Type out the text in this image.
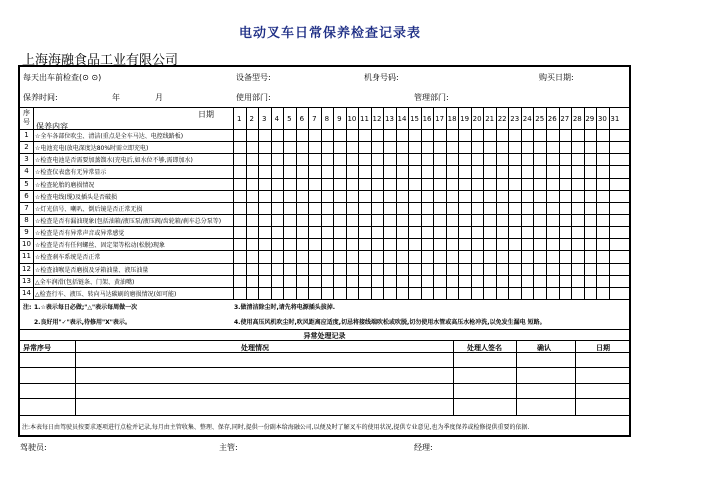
电动叉车日常保养检查记录表
上海海融食品工业有限公司
每天出车前检查(⊙ ⊙)	设备型号:	机身号码:	购买日期:
保养时间:	年	月	使用部门:	管理部门:
序号
日期
保养内容
1	2	3	4	5	6	7	8	9 10 11 12 13 14 15 16 17 18 19 20 21 22 23 24 25 26 27 28 29 30 31
1	☆全车各部位吹尘、清洁(重点是全车马达、电控线路板)
2	☆电池充电(放电深度达80%时需立即充电)
3	☆检查电池是否需要加蒸馏水(充电后,如水位不够,需即加水)
4	☆检查仪表盘有无异常显示
5	☆检查轮胎的磨损情况
6	☆检查电线(缆)及插头是否破损
7	☆灯光信号、喇叭、倒后镜是否正常无损
8	☆检查是否有漏油现象(包括油箱/液压泵/液压阀/齿轮箱/刹车总分泵等)
9	☆检查是否有异常声音或异常感觉
10 ☆检查是否有任何螺丝、固定架等松动(松脱)现象
11 ☆检查刹车系统是否正常
12 ☆检查油喉是否磨损及牙箱油量、液压油量
13 △全车润滑(包括链条、门架、黄油嘴)
14 △检查行车、液压、转向马达碳刷的磨损情况(如可能)
注: 1.☆表示每日必做;"△"表示每周做一次
2.良好用"✓"表示,待修用"X"表示。
3.做清洁除尘时,请先将电源插头拔掉.
4.使用高压风机吹尘时,吹风距离应适度,切忌将接线端吹松或吹脱,切勿使用水管或高压水枪冲洗,以免发生漏电 短路。
异常处理记录
异常序号	处理情况	处理人签名	确认	日期
注:本表每日由驾驶员按要求逐项进行点检并记录,每月由主管收集、整理、保存,同时,提供一份副本给海融公司,以便及时了解叉车的使用状况,提供专业意见,也为季度保养或检修提供重要的依据.
驾驶员:	主管:	经理:
